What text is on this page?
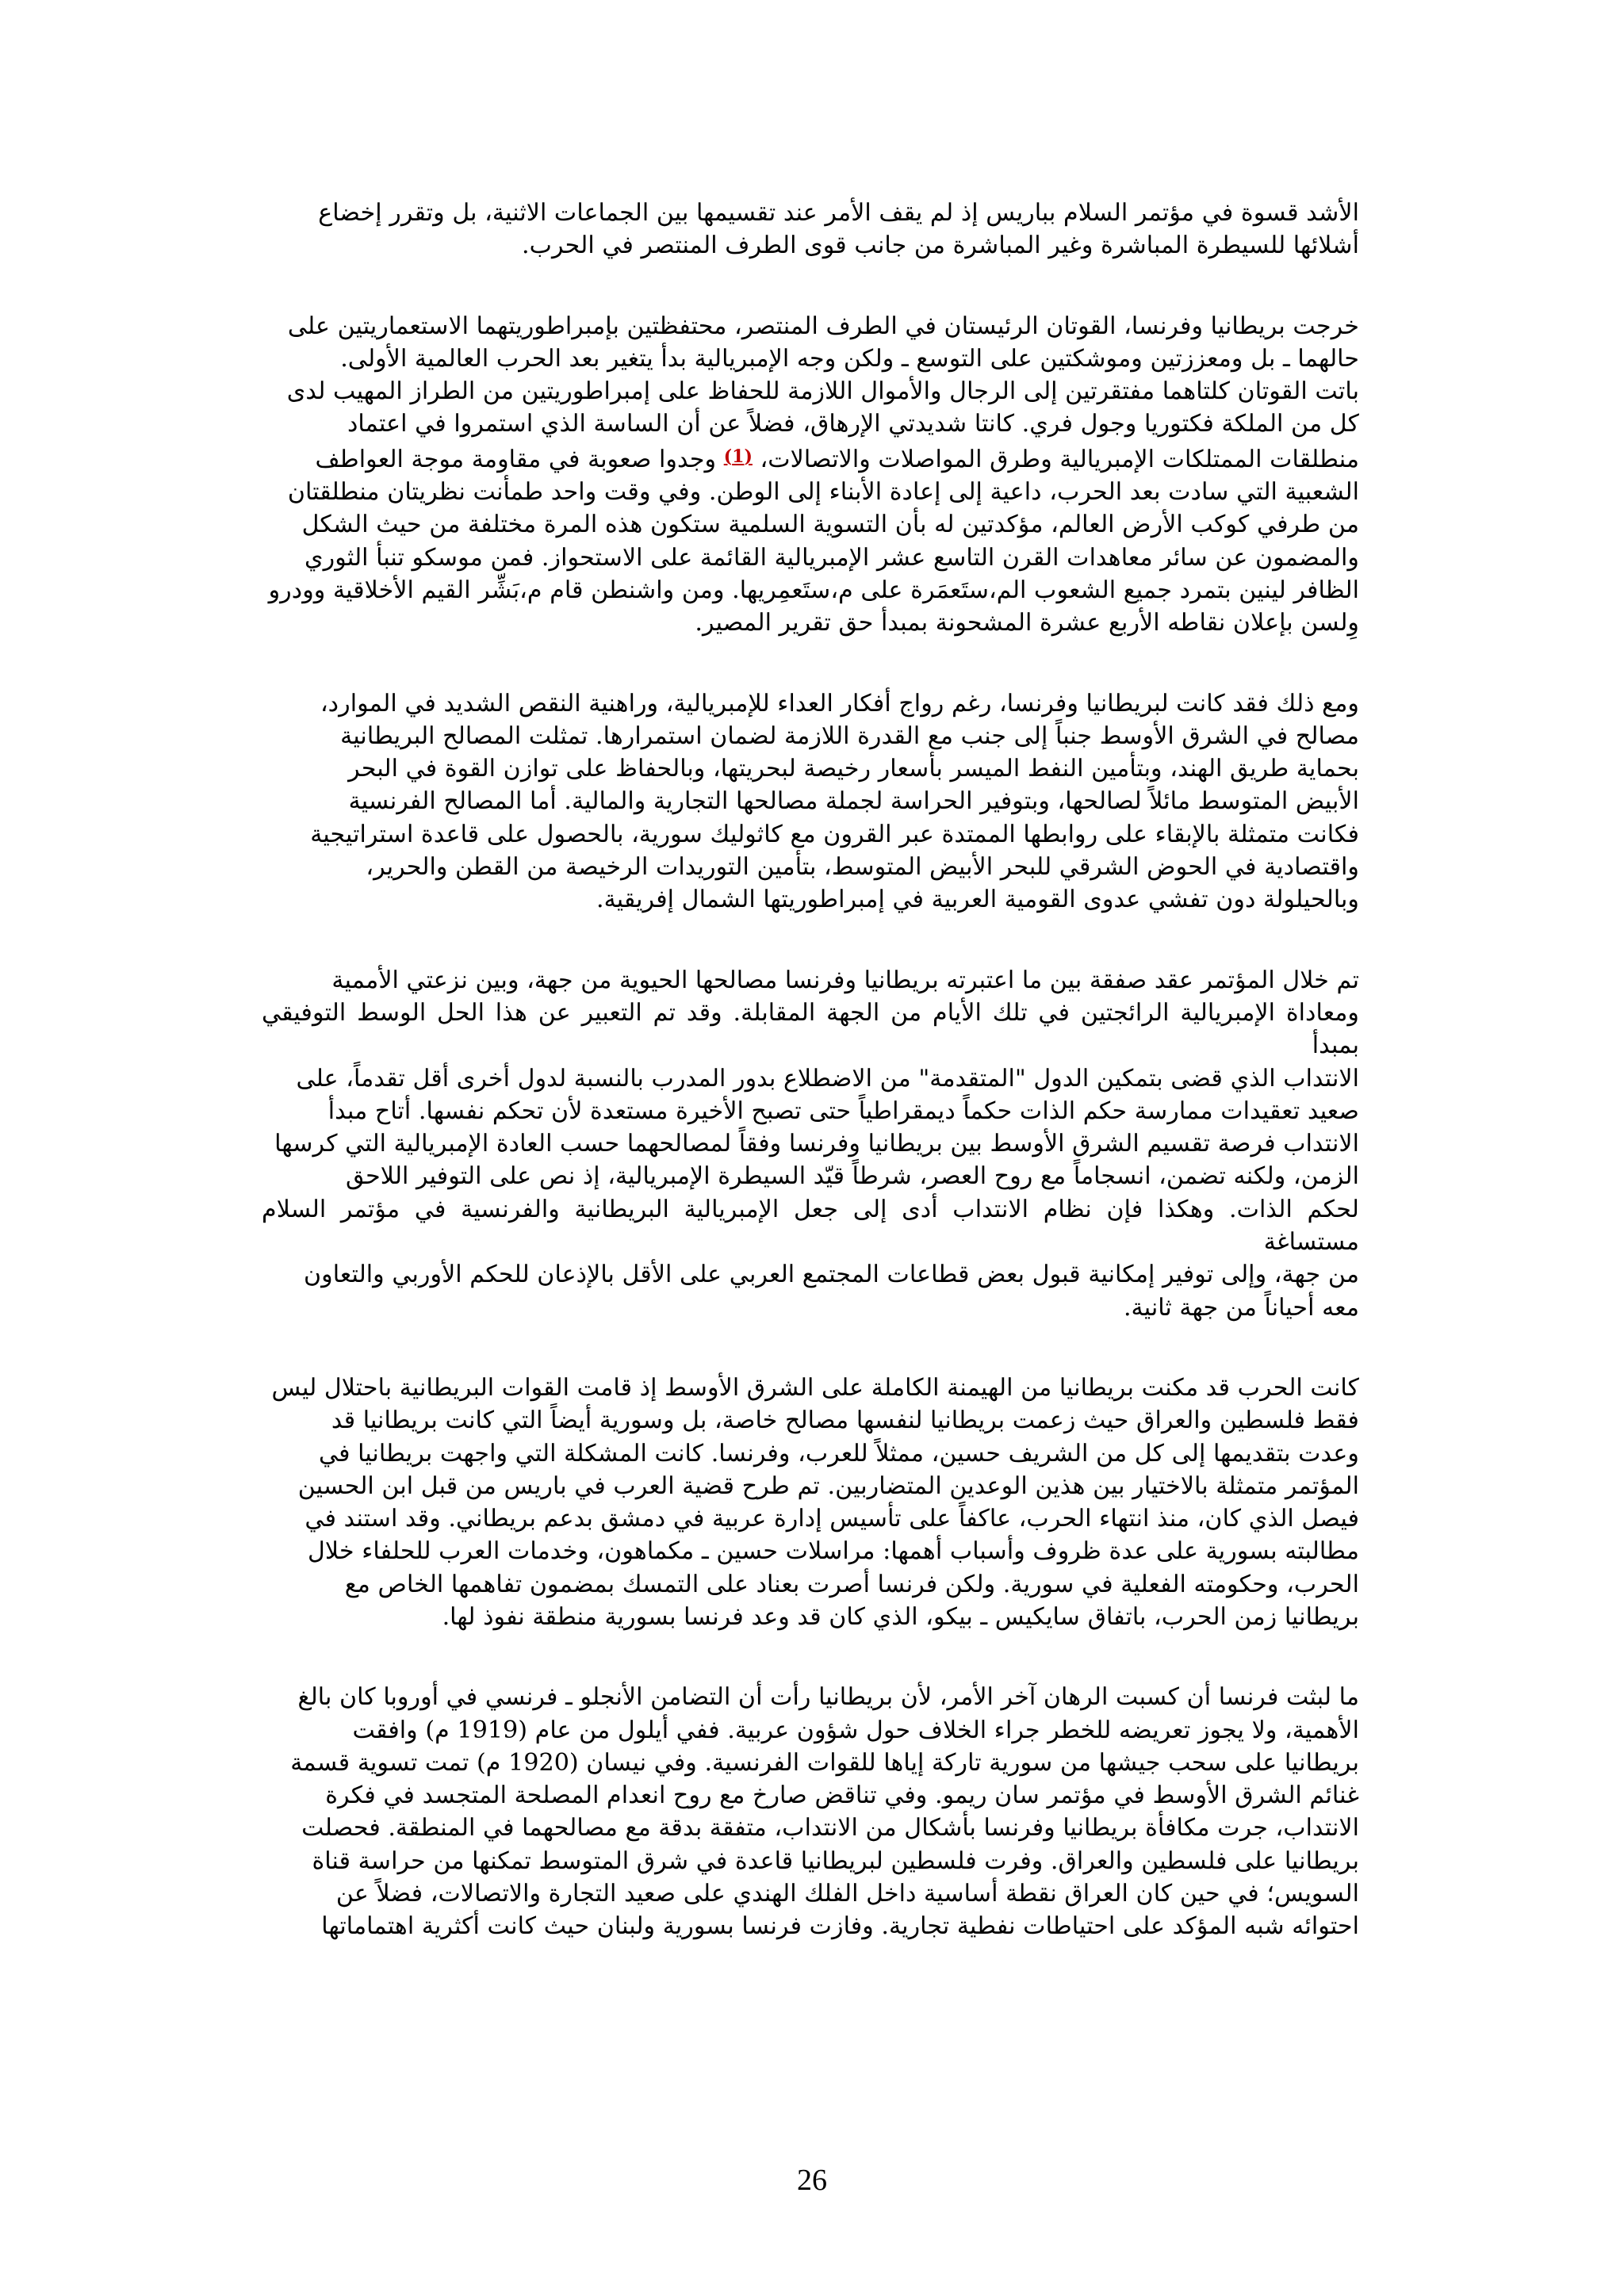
الأشد قسوة في مؤتمر السلام بباريس إذ لم يقف الأمر عند تقسيمها بين الجماعات الاثنية، بل وتقرر إخضاع
أشلائها للسيطرة المباشرة وغير المباشرة من جانب قوى الطرف المنتصر في الحرب.
خرجت بريطانيا وفرنسا، القوتان الرئيستان في الطرف المنتصر، محتفظتين بإمبراطوريتهما الاستعماريتين على
حالهما ـ بل ومعززتين وموشكتين على التوسع ـ ولكن وجه الإمبريالية بدأ يتغير بعد الحرب العالمية الأولى.
باتت القوتان كلتاهما مفتقرتين إلى الرجال والأموال اللازمة للحفاظ على إمبراطوريتين من الطراز المهيب لدى
كل من الملكة فكتوريا وجول فري. كانتا شديدتي الإرهاق، فضلاً عن أن الساسة الذي استمروا في اعتماد
منطلقات الممتلكات الإمبريالية وطرق المواصلات والاتصالات، $^{(1)}$ وجدوا صعوبة في مقاومة موجة العواطف
الشعبية التي سادت بعد الحرب، داعية إلى إعادة الأبناء إلى الوطن. وفي وقت واحد طمأنت نظريتان منطلقتان
من طرفي كوكب الأرض العالم، مؤكدتين له بأن التسوية السلمية ستكون هذه المرة مختلفة من حيث الشكل
والمضمون عن سائر معاهدات القرن التاسع عشر الإمبريالية القائمة على الاستحواز. فمن موسكو تنبأ الثوري
الظافر لينين بتمرد جميع الشعوب الم،ستَعمَرة على م،ستَعمِريها. ومن واشنطن قام م،بَشِّر القيم الأخلاقية وودرو
وِلسن بإعلان نقاطه الأربع عشرة المشحونة بمبدأ حق تقرير المصير.
ومع ذلك فقد كانت لبريطانيا وفرنسا، رغم رواج أفكار العداء للإمبريالية، وراهنية النقص الشديد في الموارد،
مصالح في الشرق الأوسط جنباً إلى جنب مع القدرة اللازمة لضمان استمرارها. تمثلت المصالح البريطانية
بحماية طريق الهند، وبتأمين النفط الميسر بأسعار رخيصة لبحريتها، وبالحفاظ على توازن القوة في البحر
الأبيض المتوسط مائلاً لصالحها، وبتوفير الحراسة لجملة مصالحها التجارية والمالية. أما المصالح الفرنسية
فكانت متمثلة بالإبقاء على روابطها الممتدة عبر القرون مع كاثوليك سورية، بالحصول على قاعدة استراتيجية
واقتصادية في الحوض الشرقي للبحر الأبيض المتوسط، بتأمين التوريدات الرخيصة من القطن والحرير،
وبالحيلولة دون تفشي عدوى القومية العربية في إمبراطوريتها الشمال إفريقية.
تم خلال المؤتمر عقد صفقة بين ما اعتبرته بريطانيا وفرنسا مصالحها الحيوية من جهة، وبين نزعتي الأممية
ومعاداة الإمبريالية الرائجتين في تلك الأيام من الجهة المقابلة. وقد تم التعبير عن هذا الحل الوسط التوفيقي بمبدأ
الانتداب الذي قضى بتمكين الدول "المتقدمة" من الاضطلاع بدور المدرب بالنسبة لدول أخرى أقل تقدماً، على
صعيد تعقيدات ممارسة حكم الذات حكماً ديمقراطياً حتى تصبح الأخيرة مستعدة لأن تحكم نفسها. أتاح مبدأ
الانتداب فرصة تقسيم الشرق الأوسط بين بريطانيا وفرنسا وفقاً لمصالحهما حسب العادة الإمبريالية التي كرسها
الزمن، ولكنه تضمن، انسجاماً مع روح العصر، شرطاً قيّد السيطرة الإمبريالية، إذ نص على التوفير اللاحق
لحكم الذات. وهكذا فإن نظام الانتداب أدى إلى جعل الإمبريالية البريطانية والفرنسية في مؤتمر السلام مستساغة
من جهة، وإلى توفير إمكانية قبول بعض قطاعات المجتمع العربي على الأقل بالإذعان للحكم الأوربي والتعاون
معه أحياناً من جهة ثانية.
كانت الحرب قد مكنت بريطانيا من الهيمنة الكاملة على الشرق الأوسط إذ قامت القوات البريطانية باحتلال ليس
فقط فلسطين والعراق حيث زعمت بريطانيا لنفسها مصالح خاصة، بل وسورية أيضاً التي كانت بريطانيا قد
وعدت بتقديمها إلى كل من الشريف حسين، ممثلاً للعرب، وفرنسا. كانت المشكلة التي واجهت بريطانيا في
المؤتمر متمثلة بالاختيار بين هذين الوعدين المتضاربين. تم طرح قضية العرب في باريس من قبل ابن الحسين
فيصل الذي كان، منذ انتهاء الحرب، عاكفاً على تأسيس إدارة عربية في دمشق بدعم بريطاني. وقد استند في
مطالبته بسورية على عدة ظروف وأسباب أهمها: مراسلات حسين ـ مكماهون، وخدمات العرب للحلفاء خلال
الحرب، وحكومته الفعلية في سورية. ولكن فرنسا أصرت بعناد على التمسك بمضمون تفاهمها الخاص مع
بريطانيا زمن الحرب، باتفاق سايكيس ـ بيكو، الذي كان قد وعد فرنسا بسورية منطقة نفوذ لها.
ما لبثت فرنسا أن كسبت الرهان آخر الأمر، لأن بريطانيا رأت أن التضامن الأنجلو ـ فرنسي في أوروبا كان بالغ
الأهمية، ولا يجوز تعريضه للخطر جراء الخلاف حول شؤون عربية. ففي أيلول من عام (1919 م) وافقت
بريطانيا على سحب جيشها من سورية تاركة إياها للقوات الفرنسية. وفي نيسان (1920 م) تمت تسوية قسمة
غنائم الشرق الأوسط في مؤتمر سان ريمو. وفي تناقض صارخ مع روح انعدام المصلحة المتجسد في فكرة
الانتداب، جرت مكافأة بريطانيا وفرنسا بأشكال من الانتداب، متفقة بدقة مع مصالحهما في المنطقة. فحصلت
بريطانيا على فلسطين والعراق. وفرت فلسطين لبريطانيا قاعدة في شرق المتوسط تمكنها من حراسة قناة
السويس؛ في حين كان العراق نقطة أساسية داخل الفلك الهندي على صعيد التجارة والاتصالات، فضلاً عن
احتوائه شبه المؤكد على احتياطات نفطية تجارية. وفازت فرنسا بسورية ولبنان حيث كانت أكثرية اهتماماتها
26
